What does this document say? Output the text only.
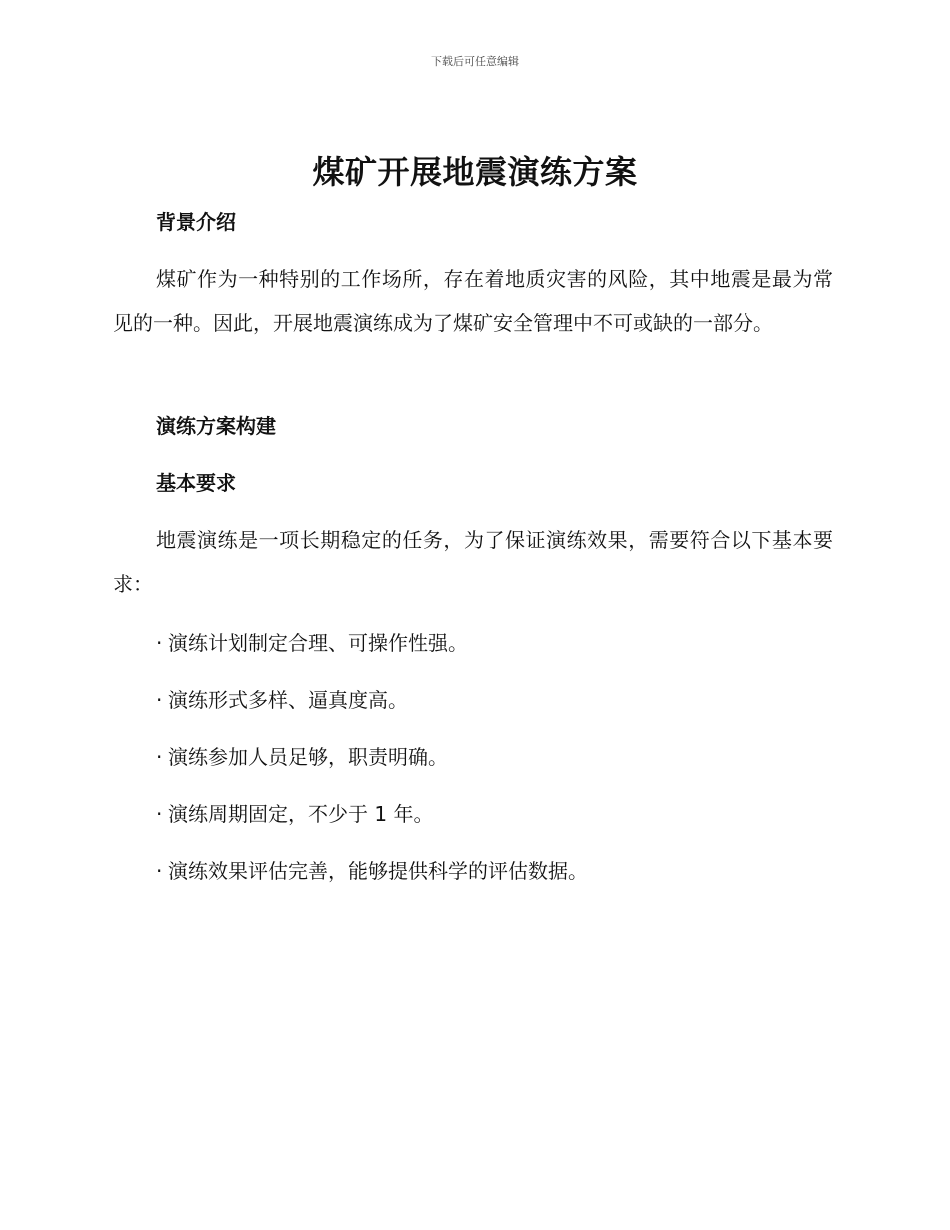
下载后可任意编辑
煤矿开展地震演练方案
背景介绍
煤矿作为一种特别的工作场所，存在着地质灾害的风险，其中地震是最为常见的一种。因此，开展地震演练成为了煤矿安全管理中不可或缺的一部分。
演练方案构建
基本要求
地震演练是一项长期稳定的任务，为了保证演练效果，需要符合以下基本要求：
· 演练计划制定合理、可操作性强。
· 演练形式多样、逼真度高。
· 演练参加人员足够，职责明确。
· 演练周期固定，不少于 1 年。
· 演练效果评估完善，能够提供科学的评估数据。
